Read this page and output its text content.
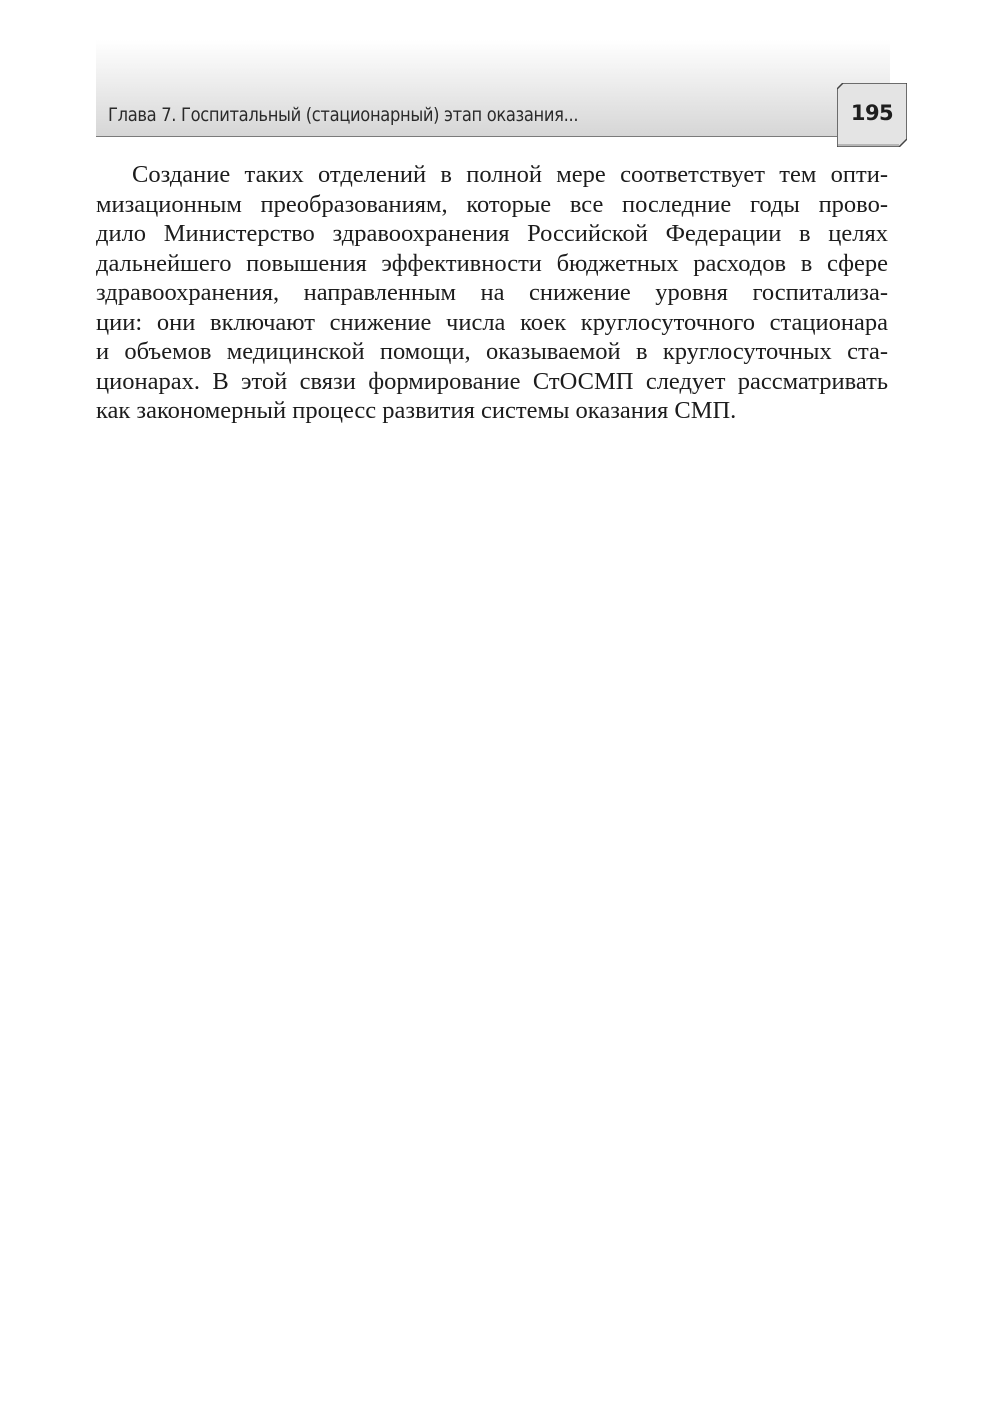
Глава 7. Госпитальный (стационарный) этап оказания...	195
Создание таких отделений в полной мере соответствует тем опти-
мизационным преобразованиям, которые все последние годы прово-
дило Министерство здравоохранения Российской Федерации в целях
дальнейшего повышения эффективности бюджетных расходов в сфере
здравоохранения, направленным на снижение уровня госпитализа-
ции: они включают снижение числа коек круглосуточного стационара
и объемов медицинской помощи, оказываемой в круглосуточных ста-
ционарах. В этой связи формирование СтОСМП следует рассматривать
как закономерный процесс развития системы оказания СМП.
